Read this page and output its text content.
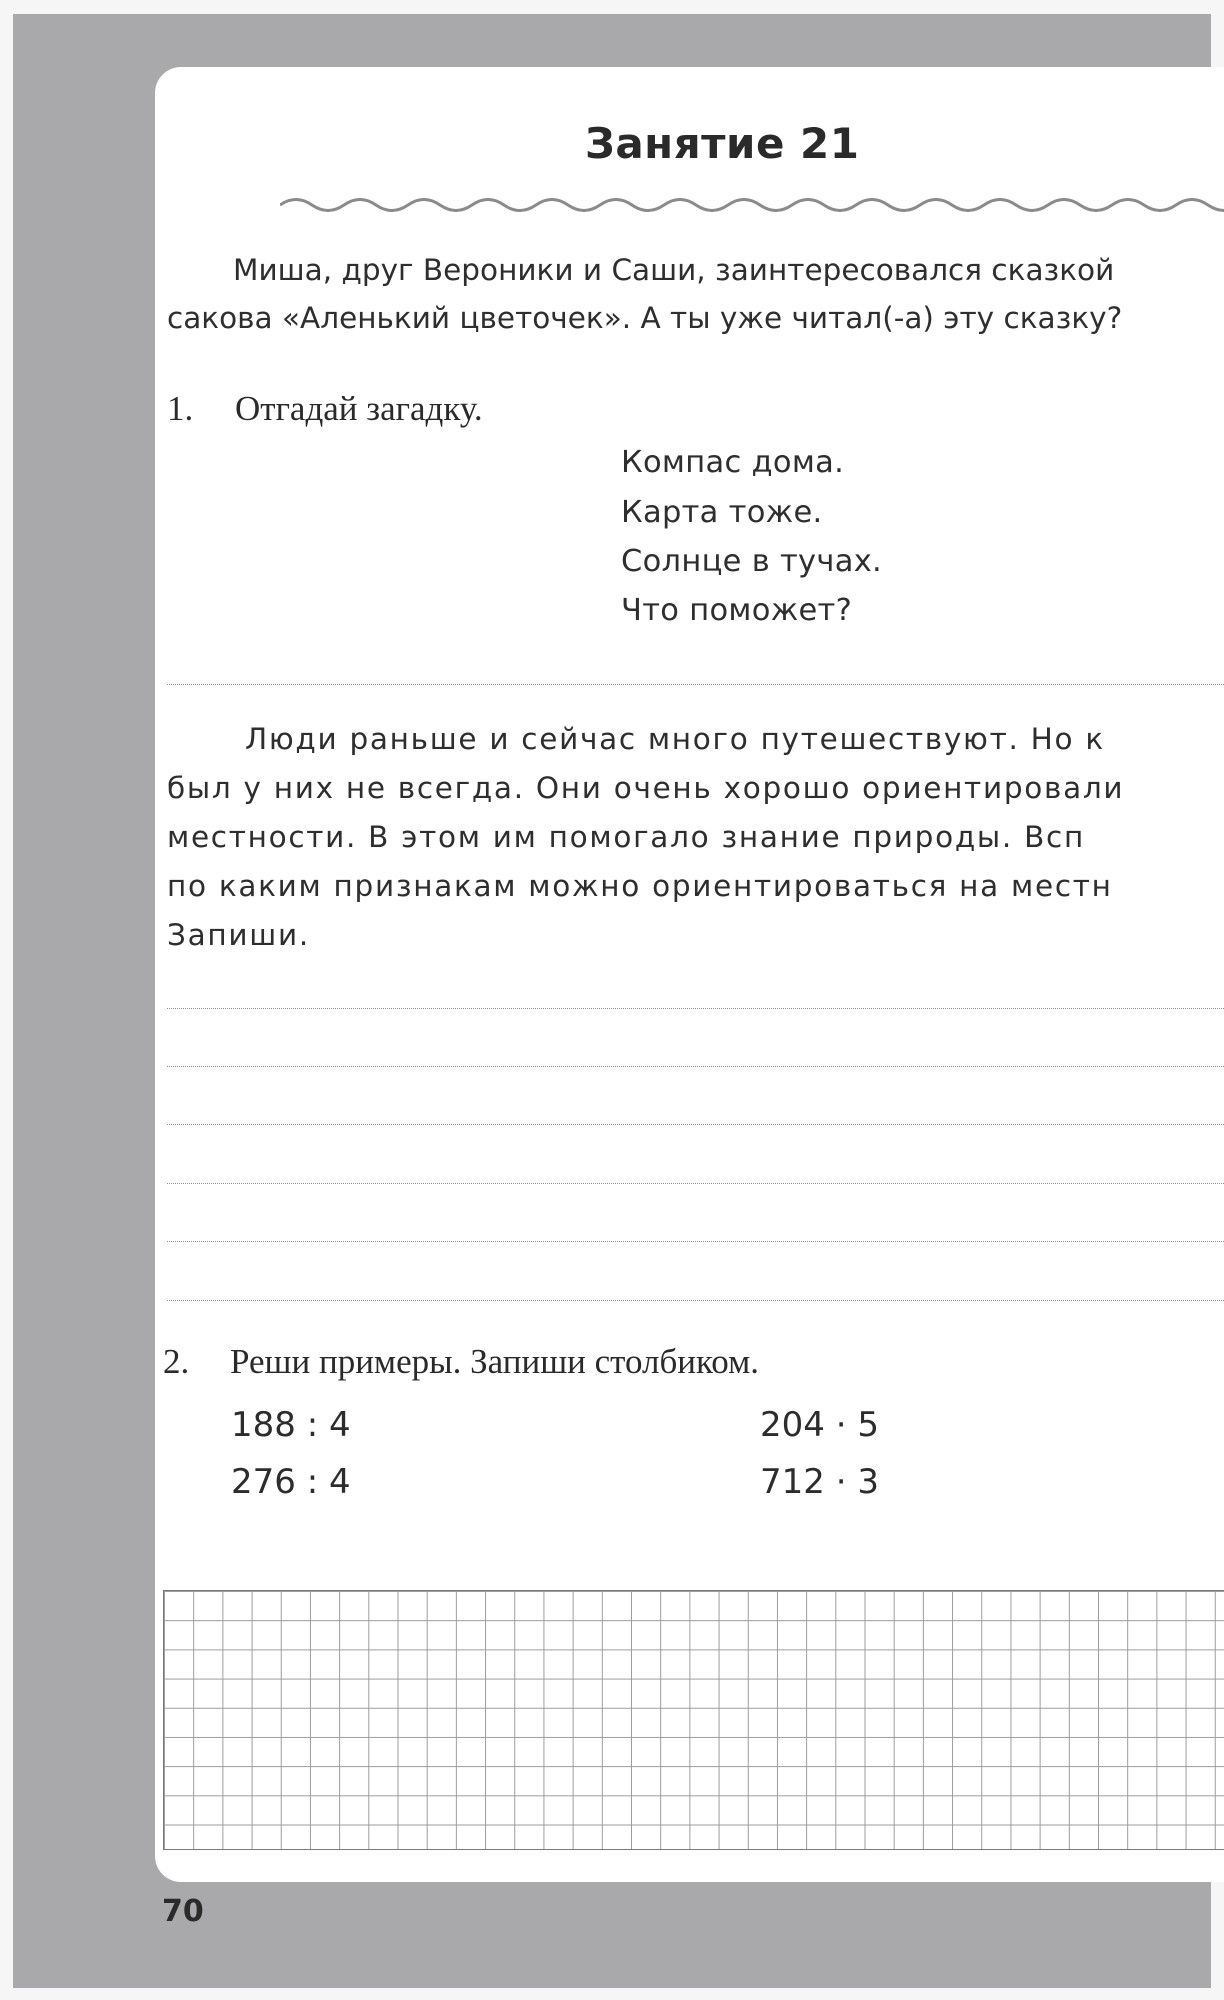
Занятие 21
Миша, друг Вероники и Саши, заинтересовался сказкой
сакова «Аленький цветочек». А ты уже читал(-а) эту сказку?
1. Отгадай загадку.
Компас дома.
Карта тоже.
Солнце в тучах.
Что поможет?
Люди раньше и сейчас много путешествуют. Но к
был у них не всегда. Они очень хорошо ориентировали
местности. В этом им помогало знание природы. Всп
по каким признакам можно ориентироваться на местн
Запиши.
2. Реши примеры. Запиши столбиком.
188 : 4
276 : 4
204 · 5
712 · 3
70
